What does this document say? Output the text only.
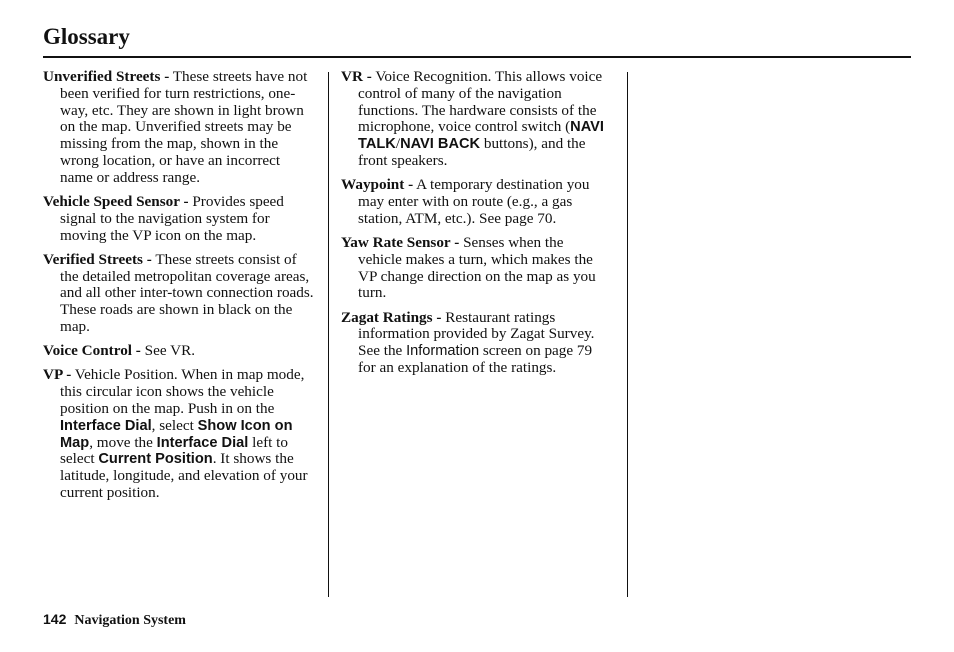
Glossary

Unverified Streets - These streets have not been verified for turn restrictions, one-way, etc. They are shown in light brown on the map. Unverified streets may be missing from the map, shown in the wrong location, or have an incorrect name or address range.

Vehicle Speed Sensor - Provides speed signal to the navigation system for moving the VP icon on the map.

Verified Streets - These streets consist of the detailed metropolitan coverage areas, and all other inter-town connection roads. These roads are shown in black on the map.

Voice Control - See VR.

VP - Vehicle Position. When in map mode, this circular icon shows the vehicle position on the map. Push in on the Interface Dial, select Show Icon on Map, move the Interface Dial left to select Current Position. It shows the latitude, longitude, and elevation of your current position.

VR - Voice Recognition. This allows voice control of many of the navigation functions. The hardware consists of the microphone, voice control switch (NAVI TALK/NAVI BACK buttons), and the front speakers.

Waypoint - A temporary destination you may enter with on route (e.g., a gas station, ATM, etc.). See page 70.

Yaw Rate Sensor - Senses when the vehicle makes a turn, which makes the VP change direction on the map as you turn.

Zagat Ratings - Restaurant ratings information provided by Zagat Survey. See the Information screen on page 79 for an explanation of the ratings.

142 Navigation System
